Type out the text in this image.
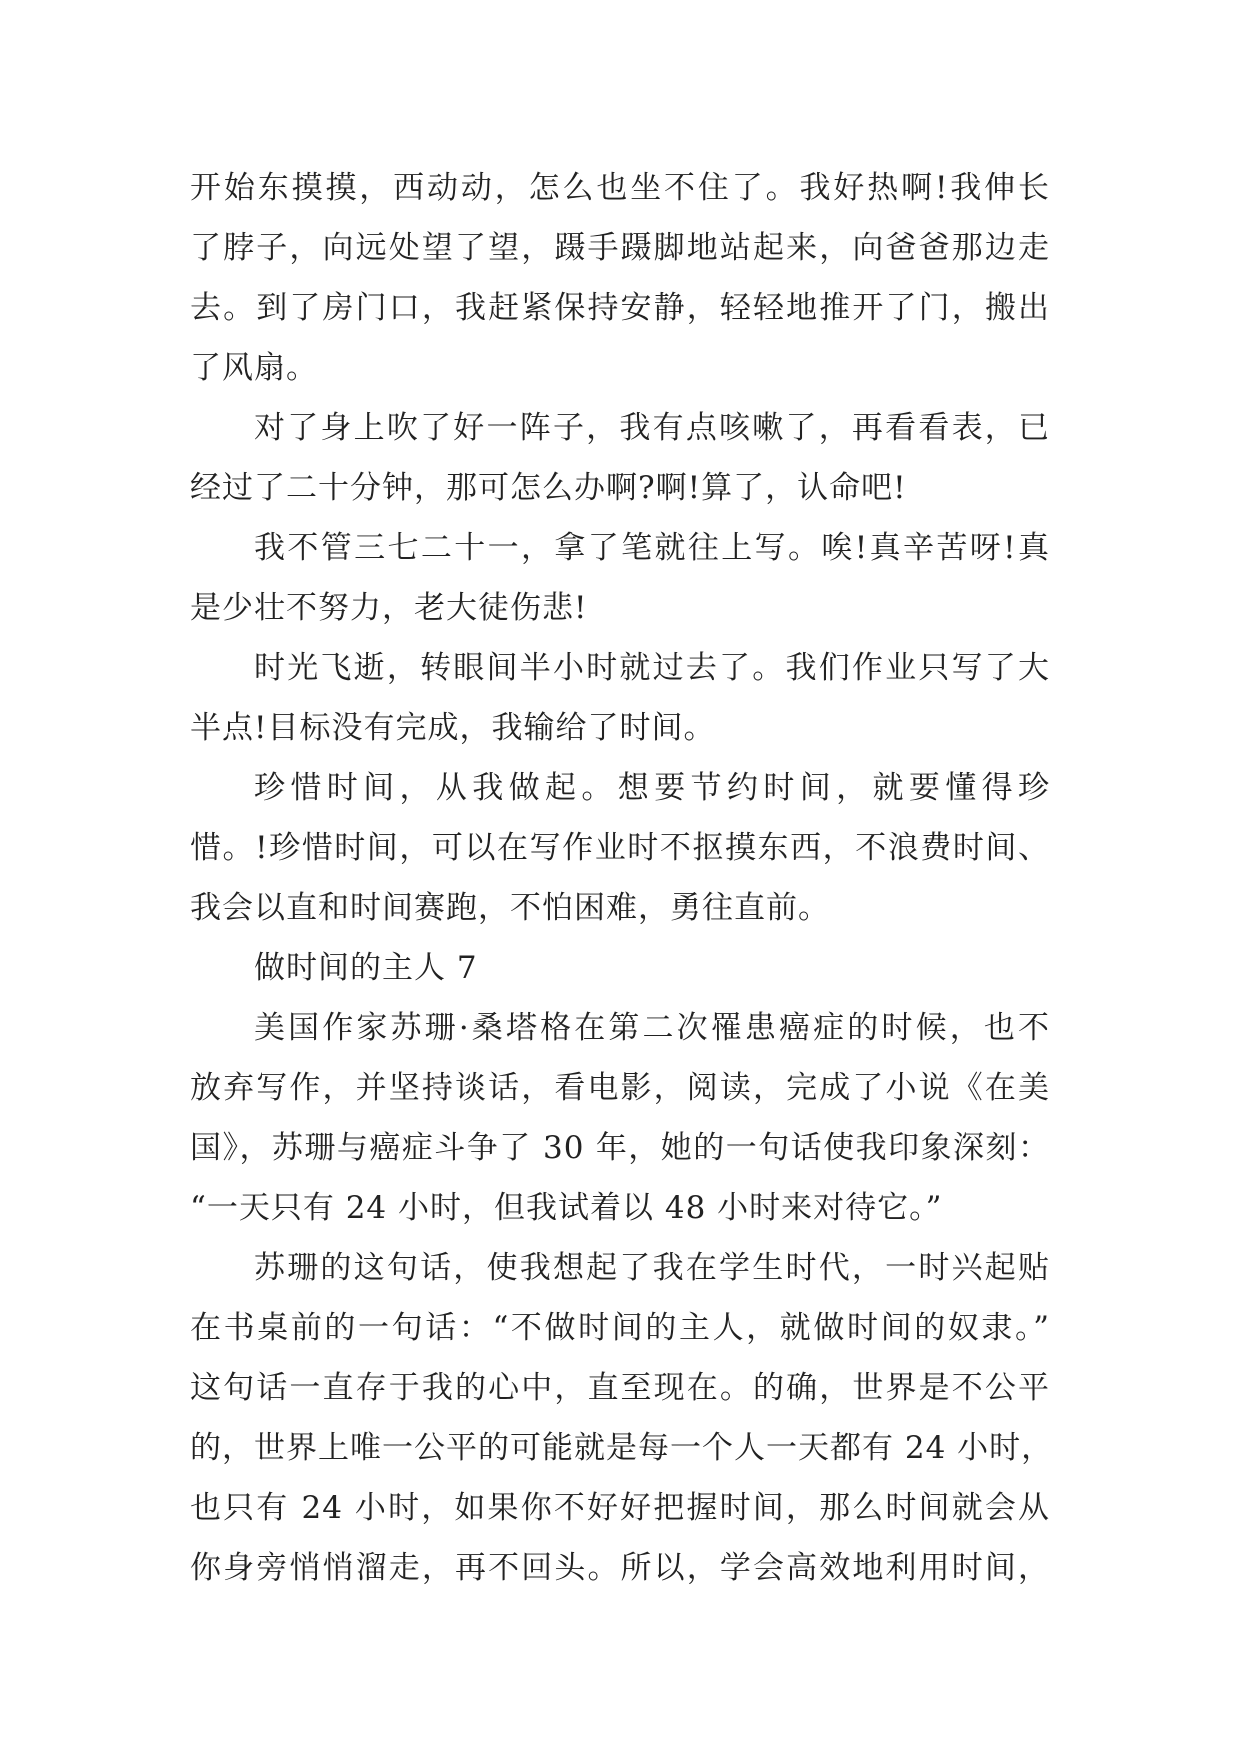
开始东摸摸，西动动，怎么也坐不住了。我好热啊!我伸长
了脖子，向远处望了望，蹑手蹑脚地站起来，向爸爸那边走
去。到了房门口，我赶紧保持安静，轻轻地推开了门，搬出
了风扇。
对了身上吹了好一阵子，我有点咳嗽了，再看看表，已
经过了二十分钟，那可怎么办啊?啊!算了，认命吧!
我不管三七二十一，拿了笔就往上写。唉!真辛苦呀!真
是少壮不努力，老大徒伤悲!
时光飞逝，转眼间半小时就过去了。我们作业只写了大
半点!目标没有完成，我输给了时间。
珍惜时间，从我做起。想要节约时间，就要懂得珍
惜。!珍惜时间，可以在写作业时不抠摸东西，不浪费时间、
我会以直和时间赛跑，不怕困难，勇往直前。
做时间的主人 7
美国作家苏珊·桑塔格在第二次罹患癌症的时候，也不
放弃写作，并坚持谈话，看电影，阅读，完成了小说《在美
国》，苏珊与癌症斗争了 30 年，她的一句话使我印象深刻：
“一天只有 24 小时，但我试着以 48 小时来对待它。”
苏珊的这句话，使我想起了我在学生时代，一时兴起贴
在书桌前的一句话：“不做时间的主人，就做时间的奴隶。”
这句话一直存于我的心中，直至现在。的确，世界是不公平
的，世界上唯一公平的可能就是每一个人一天都有 24 小时，
也只有 24 小时，如果你不好好把握时间，那么时间就会从
你身旁悄悄溜走，再不回头。所以，学会高效地利用时间，
